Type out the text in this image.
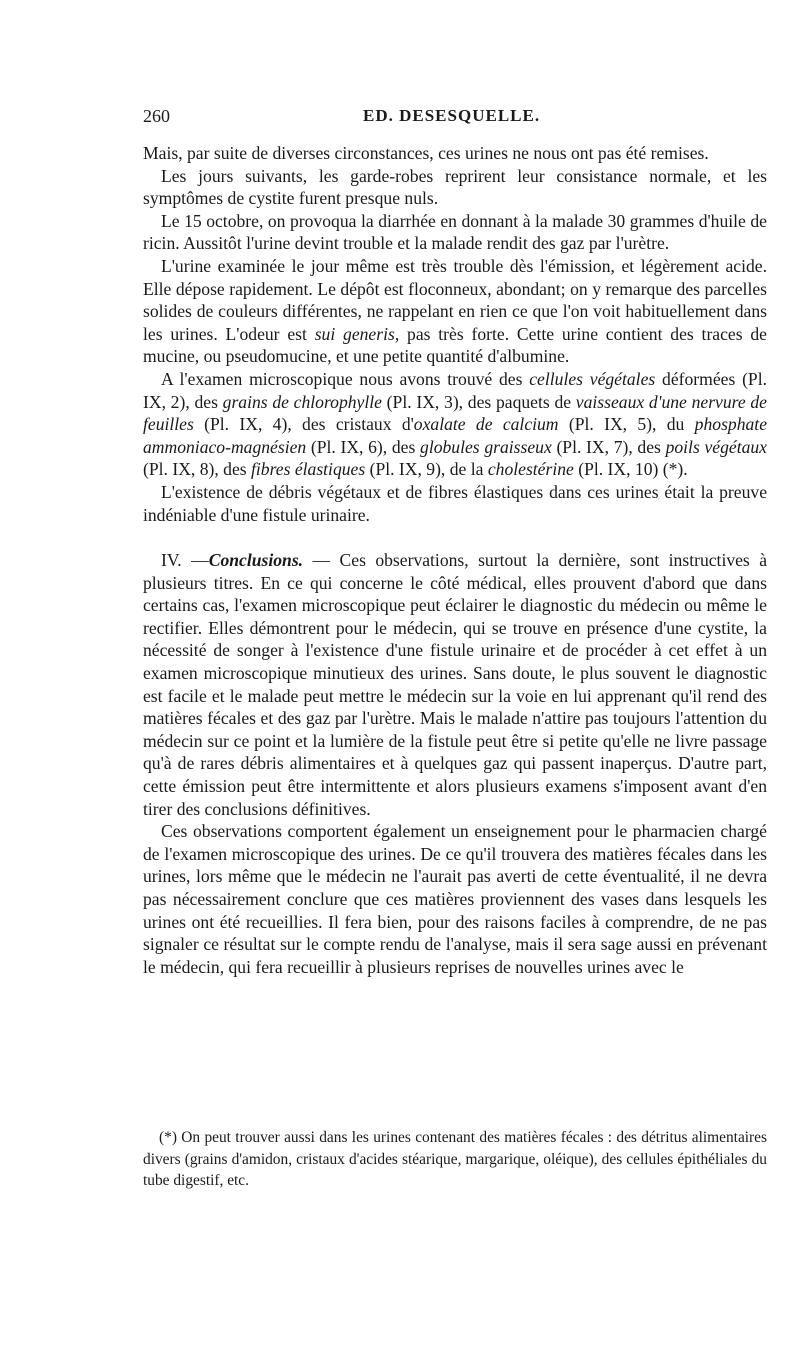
260	ED. DESESQUELLE.

Mais, par suite de diverses circonstances, ces urines ne nous ont pas été remises.

Les jours suivants, les garde-robes reprirent leur consistance normale, et les symptômes de cystite furent presque nuls.

Le 15 octobre, on provoqua la diarrhée en donnant à la malade 30 grammes d'huile de ricin. Aussitôt l'urine devint trouble et la malade rendit des gaz par l'urètre.

L'urine examinée le jour même est très trouble dès l'émission, et légèrement acide. Elle dépose rapidement. Le dépôt est floconneux, abondant; on y remarque des parcelles solides de couleurs différentes, ne rappelant en rien ce que l'on voit habituellement dans les urines. L'odeur est sui generis, pas très forte. Cette urine contient des traces de mucine, ou pseudomucine, et une petite quantité d'albumine.

A l'examen microscopique nous avons trouvé des cellules végétales déformées (Pl. IX, 2), des grains de chlorophylle (Pl. IX, 3), des paquets de vaisseaux d'une nervure de feuilles (Pl. IX, 4), des cristaux d'oxalate de calcium (Pl. IX, 5), du phosphate ammoniaco-magnésien (Pl. IX, 6), des globules graisseux (Pl. IX, 7), des poils végétaux (Pl. IX, 8), des fibres élastiques (Pl. IX, 9), de la cholestérine (Pl. IX, 10) (*).

L'existence de débris végétaux et de fibres élastiques dans ces urines était la preuve indéniable d'une fistule urinaire.

IV. —Conclusions. — Ces observations, surtout la dernière, sont instructives à plusieurs titres. En ce qui concerne le côté médical, elles prouvent d'abord que dans certains cas, l'examen microscopique peut éclairer le diagnostic du médecin ou même le rectifier. Elles démontrent pour le médecin, qui se trouve en présence d'une cystite, la nécessité de songer à l'existence d'une fistule urinaire et de procéder à cet effet à un examen microscopique minutieux des urines. Sans doute, le plus souvent le diagnostic est facile et le malade peut mettre le médecin sur la voie en lui apprenant qu'il rend des matières fécales et des gaz par l'urètre. Mais le malade n'attire pas toujours l'attention du médecin sur ce point et la lumière de la fistule peut être si petite qu'elle ne livre passage qu'à de rares débris alimentaires et à quelques gaz qui passent inaperçus. D'autre part, cette émission peut être intermittente et alors plusieurs examens s'imposent avant d'en tirer des conclusions définitives.

Ces observations comportent également un enseignement pour le pharmacien chargé de l'examen microscopique des urines. De ce qu'il trouvera des matières fécales dans les urines, lors même que le médecin ne l'aurait pas averti de cette éventualité, il ne devra pas nécessairement conclure que ces matières proviennent des vases dans lesquels les urines ont été recueillies. Il fera bien, pour des raisons faciles à comprendre, de ne pas signaler ce résultat sur le compte rendu de l'analyse, mais il sera sage aussi en prévenant le médecin, qui fera recueillir à plusieurs reprises de nouvelles urines avec le

(*) On peut trouver aussi dans les urines contenant des matières fécales : des détritus alimentaires divers (grains d'amidon, cristaux d'acides stéarique, margarique, oléique), des cellules épithéliales du tube digestif, etc.
